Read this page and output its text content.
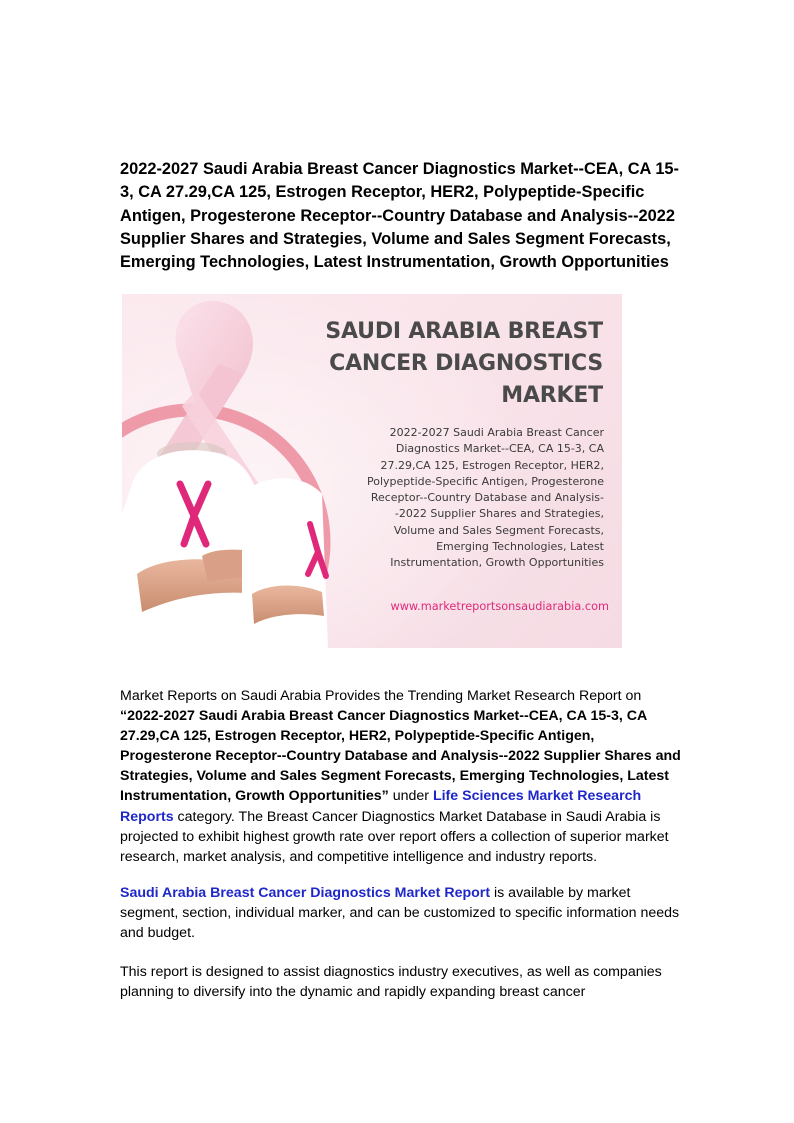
2022-2027 Saudi Arabia Breast Cancer Diagnostics Market--CEA, CA 15-3, CA 27.29,CA 125, Estrogen Receptor, HER2, Polypeptide-Specific Antigen, Progesterone Receptor--Country Database and Analysis--2022 Supplier Shares and Strategies, Volume and Sales Segment Forecasts, Emerging Technologies, Latest Instrumentation, Growth Opportunities
SAUDI ARABIA BREAST
CANCER DIAGNOSTICS
MARKET
2022-2027 Saudi Arabia Breast Cancer Diagnostics Market--CEA, CA 15-3, CA 27.29,CA 125, Estrogen Receptor, HER2, Polypeptide-Specific Antigen, Progesterone Receptor--Country Database and Analysis--2022 Supplier Shares and Strategies, Volume and Sales Segment Forecasts, Emerging Technologies, Latest Instrumentation, Growth Opportunities
www.marketreportsonsaudiarabia.com

Market Reports on Saudi Arabia Provides the Trending Market Research Report on “2022-2027 Saudi Arabia Breast Cancer Diagnostics Market--CEA, CA 15-3, CA 27.29,CA 125, Estrogen Receptor, HER2, Polypeptide-Specific Antigen, Progesterone Receptor--Country Database and Analysis--2022 Supplier Shares and Strategies, Volume and Sales Segment Forecasts, Emerging Technologies, Latest Instrumentation, Growth Opportunities” under Life Sciences Market Research Reports category. The Breast Cancer Diagnostics Market Database in Saudi Arabia is projected to exhibit highest growth rate over report offers a collection of superior market research, market analysis, and competitive intelligence and industry reports.

Saudi Arabia Breast Cancer Diagnostics Market Report is available by market segment, section, individual marker, and can be customized to specific information needs and budget.

This report is designed to assist diagnostics industry executives, as well as companies planning to diversify into the dynamic and rapidly expanding breast cancer
